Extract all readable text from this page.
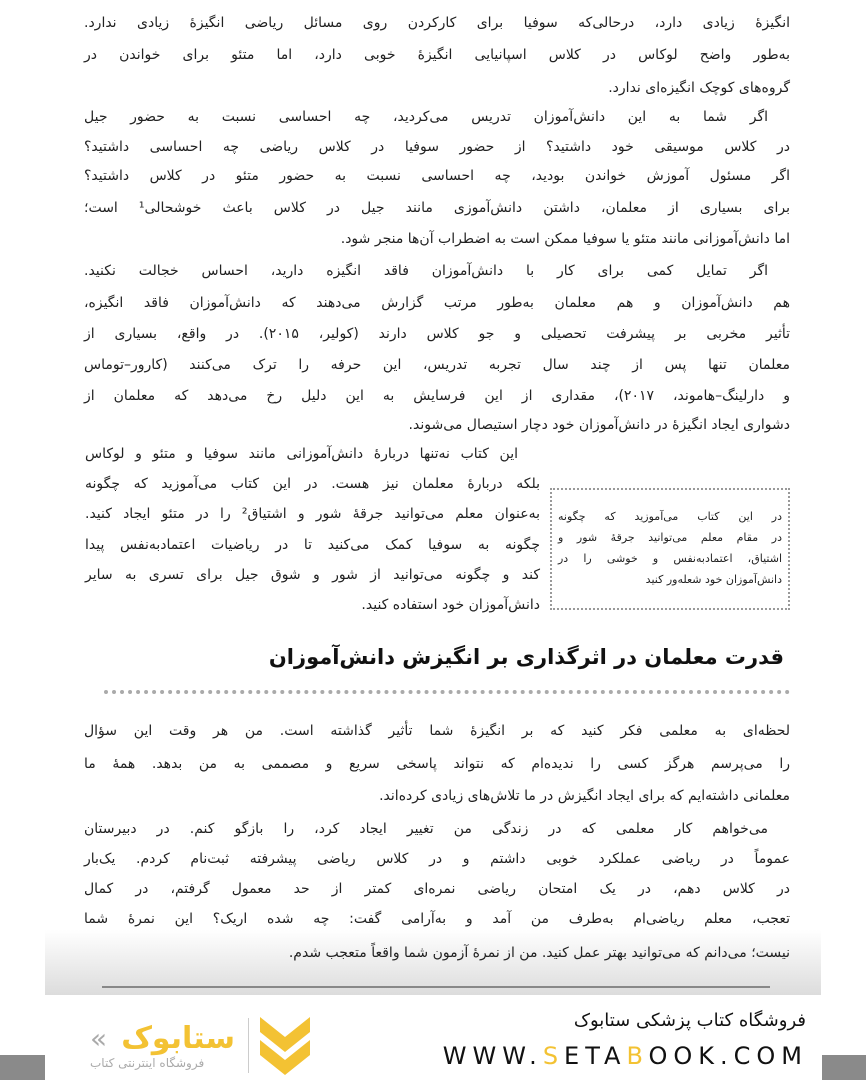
انگیزهٔ زیادی دارد، درحالی‌که سوفیا برای کارکردن روی مسائل ریاضی انگیزهٔ زیادی ندارد.
به‌طور واضح لوکاس در کلاس اسپانیایی انگیزهٔ خوبی دارد، اما متئو برای خواندن در
گروه‌های کوچک انگیزه‌ای ندارد.
اگر شما به این دانش‌آموزان تدریس می‌کردید، چه احساسی نسبت به حضور جیل
در کلاس موسیقی خود داشتید؟ از حضور سوفیا در کلاس ریاضی چه احساسی داشتید؟
اگر مسئول آموزش خواندن بودید، چه احساسی نسبت به حضور متئو در کلاس داشتید؟
برای بسیاری از معلمان، داشتن دانش‌آموزی مانند جیل در کلاس باعث خوشحالی¹ است؛
اما دانش‌آموزانی مانند متئو یا سوفیا ممکن است به اضطراب آن‌ها منجر شود.
اگر تمایل کمی برای کار با دانش‌آموزان فاقد انگیزه دارید، احساس خجالت نکنید.
هم دانش‌آموزان و هم معلمان به‌طور مرتب گزارش می‌دهند که دانش‌آموزان فاقد انگیزه،
تأثیر مخربی بر پیشرفت تحصیلی و جو کلاس دارند (کولیر، ۲۰۱۵). در واقع، بسیاری از
معلمان تنها پس از چند سال تجربه تدریس، این حرفه را ترک می‌کنند (کارور–توماس
و دارلینگ–هاموند، ۲۰۱۷)، مقداری از این فرسایش به این دلیل رخ می‌دهد که معلمان از
دشواری ایجاد انگیزهٔ در دانش‌آموزان خود دچار استیصال می‌شوند.
این کتاب نه‌تنها دربارهٔ دانش‌آموزانی مانند سوفیا و متئو و لوکاس
بلکه دربارهٔ معلمان نیز هست. در این کتاب می‌آموزید که چگونه
به‌عنوان معلم می‌توانید جرقهٔ شور و اشتیاق² را در متئو ایجاد کنید.
چگونه به سوفیا کمک می‌کنید تا در ریاضیات اعتمادبه‌نفس پیدا
کند و چگونه می‌توانید از شور و شوق جیل برای تسری به سایر
دانش‌آموزان خود استفاده کنید.
لحظه‌ای به معلمی فکر کنید که بر انگیزهٔ شما تأثیر گذاشته است. من هر وقت این سؤال
را می‌پرسم هرگز کسی را ندیده‌ام که نتواند پاسخی سریع و مصممی به من بدهد. همهٔ ما
معلمانی داشته‌ایم که برای ایجاد انگیزش در ما تلاش‌های زیادی کرده‌اند.
می‌خواهم کار معلمی که در زندگی من تغییر ایجاد کرد، را بازگو کنم. در دبیرستان
عموماً در ریاضی عملکرد خوبی داشتم و در کلاس ریاضی پیشرفته ثبت‌نام کردم. یک‌بار
در کلاس دهم، در یک امتحان ریاضی نمره‌ای کمتر از حد معمول گرفتم، در کمال
تعجب، معلم ریاضی‌ام به‌طرف من آمد و به‌آرامی گفت: چه شده اریک؟ این نمرهٔ شما
نیست؛ می‌دانم که می‌توانید بهتر عمل کنید. من از نمرهٔ آزمون شما واقعاً متعجب شدم.
در این کتاب می‌آموزید که چگونه
در مقام معلم می‌توانید جرقهٔ شور و
اشتیاق، اعتمادبه‌نفس و خوشی را در
دانش‌آموزان خود شعله‌ور کنید
قدرت معلمان در اثرگذاری بر انگیزش دانش‌آموزان
ستابوک
«
فروشگاه اینترنتی کتاب
فروشگاه کتاب پزشکی ستابوک
WWW.SETABOOK.COM
